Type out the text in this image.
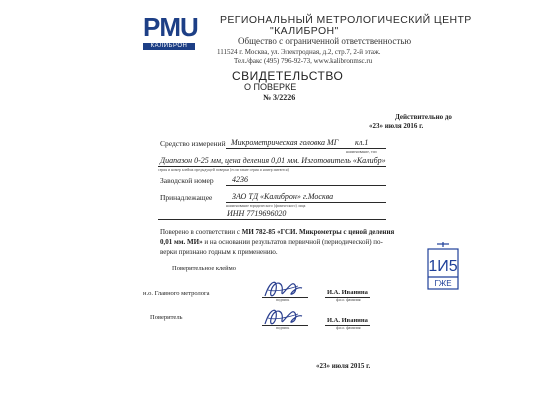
PMU
КАЛИБРОН
РЕГИОНАЛЬНЫЙ МЕТРОЛОГИЧЕСКИЙ ЦЕНТР
"КАЛИБРОН"
Общество с ограниченной ответственностью
111524 г. Москва, ул. Электродная, д.2, стр.7, 2-й этаж.
Тел./факс (495) 796-92-73, www.kalibronmsc.ru
СВИДЕТЕЛЬСТВО
О ПОВЕРКЕ
№ 3/2226
Действительно до
«23» июля 2016 г.
Средство измерений Микрометрическая головка МГ кл.1
наименование, тип
Диапазон 0-25 мм, цена деления 0,01 мм. Изготовитель «Калибр»
серия и номер клейма предыдущей поверки (если такие серия и номер имеются)
Заводской номер 4236
Принадлежащее ЗАО ТД «Калиброн» г.Москва
наименование юридического (физического) лица
ИНН 7719696020
Поверено в соответствии с МИ 782-85 «ГСИ. Микрометры с ценой деления
0,01 мм. МИ» и на основании результатов первичной (периодической) по-
верки признано годным к применению.
1И5
ГЖЕ
Поверительное клеймо
н.о. Главного метролога
подпись
И.А. Иванина
ф.и.о. фамилия
Поверитель
подпись
И.А. Иванина
ф.и.о. фамилия
«23» июля 2015 г.
